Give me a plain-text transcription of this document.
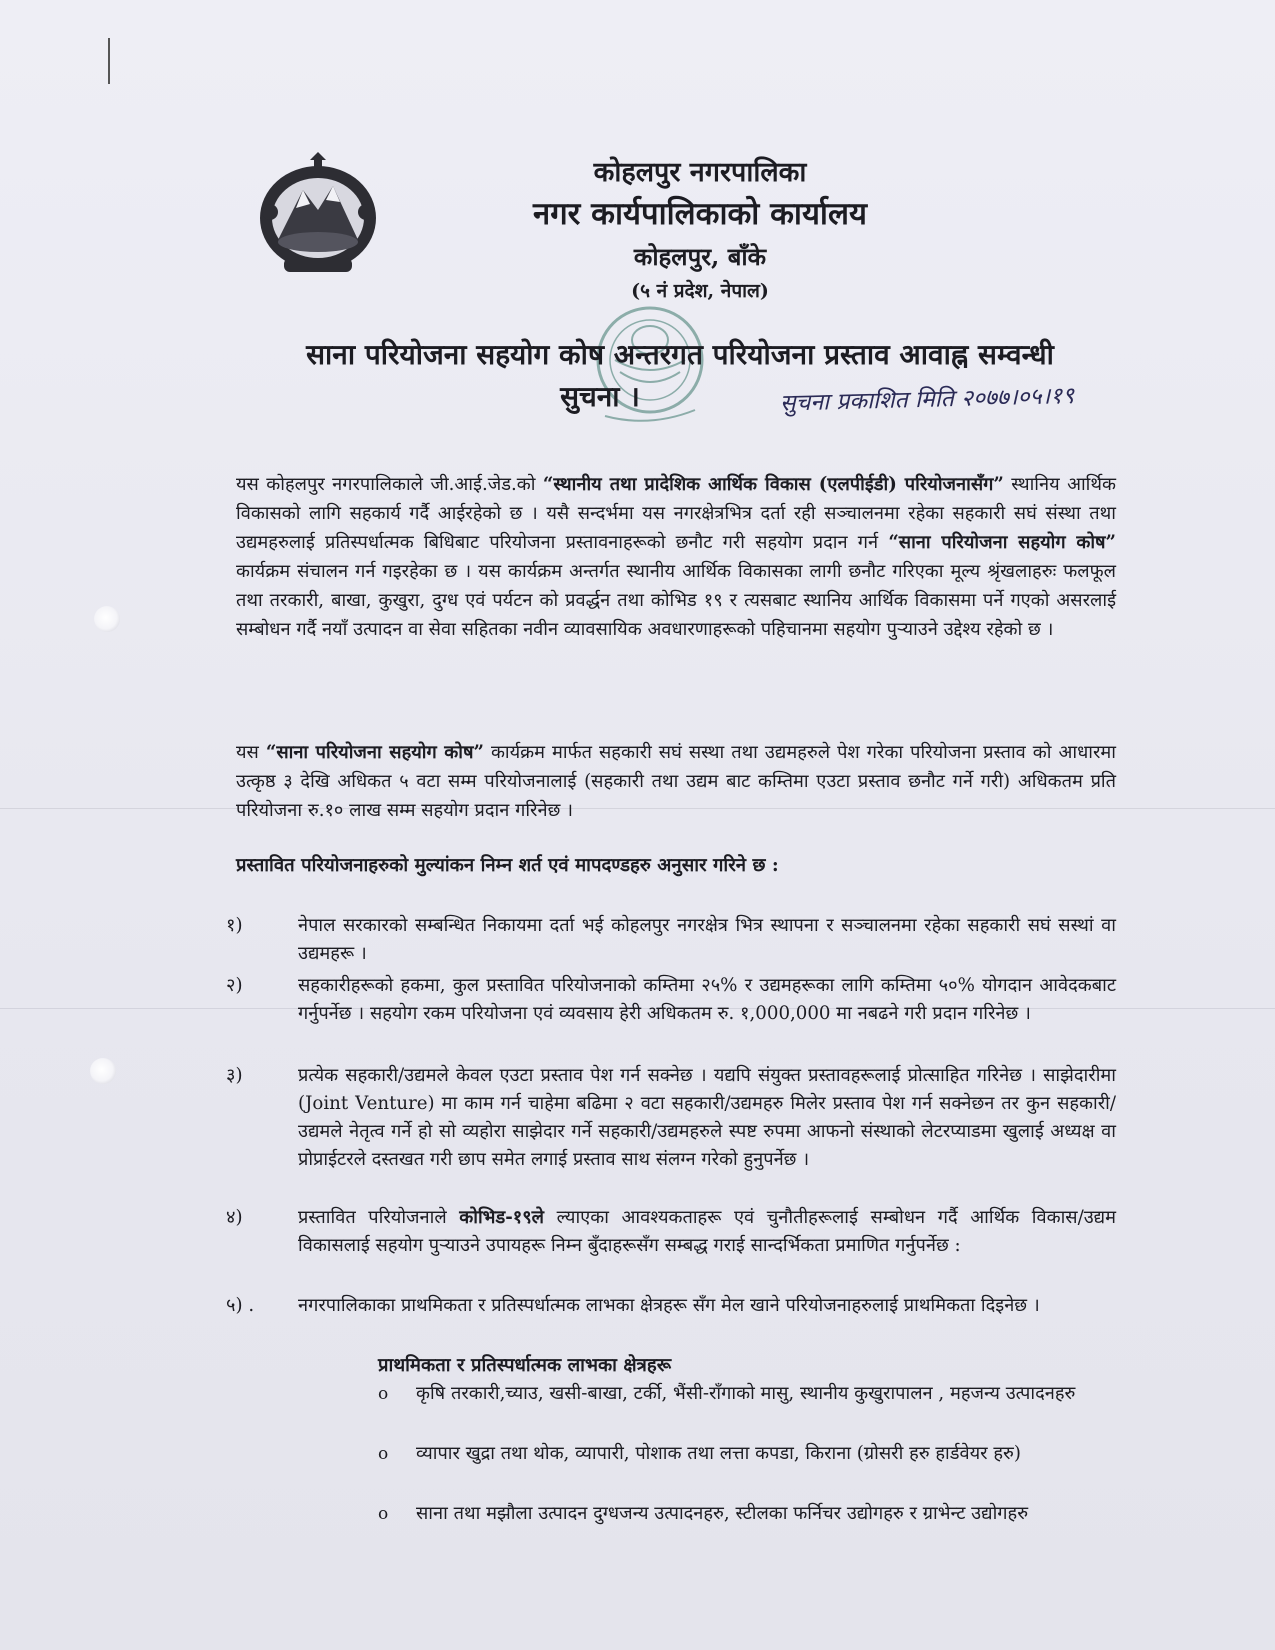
कोहलपुर नगरपालिका
नगर कार्यपालिकाको कार्यालय
कोहलपुर, बाँके
(५ नं प्रदेश, नेपाल)
साना परियोजना सहयोग कोष अन्तरगत परियोजना प्रस्ताव आवाह्न सम्वन्धी
सुचना ।	सुचना प्रकाशित मिति २०७७।०५।१९
यस कोहलपुर नगरपालिकाले जी.आई.जेड.को “स्थानीय तथा प्रादेशिक आर्थिक विकास (एलपीईडी) परियोजनासँग” स्थानिय आर्थिक विकासको लागि सहकार्य गर्दै आईरहेको छ । यसै सन्दर्भमा यस नगरक्षेत्रभित्र दर्ता रही सञ्चालनमा रहेका सहकारी सघं संस्था तथा उद्यमहरुलाई प्रतिस्पर्धात्मक बिधिबाट परियोजना प्रस्तावनाहरूको छनौट गरी सहयोग प्रदान गर्न “साना परियोजना सहयोग कोष” कार्यक्रम संचालन गर्न गइरहेका छ । यस कार्यक्रम अन्तर्गत स्थानीय आर्थिक विकासका लागी छनौट गरिएका मूल्य श्रृंखलाहरुः फलफूल तथा तरकारी, बाखा, कुखुरा, दुग्ध एवं पर्यटन को प्रवर्द्धन तथा कोभिड १९ र त्यसबाट स्थानिय आर्थिक विकासमा पर्ने गएको असरलाई सम्बोधन गर्दै नयाँ उत्पादन वा सेवा सहितका नवीन व्यावसायिक अवधारणाहरूको पहिचानमा सहयोग पुऱ्याउने उद्देश्य रहेको छ ।
यस “साना परियोजना सहयोग कोष” कार्यक्रम मार्फत सहकारी सघं सस्था तथा उद्यमहरुले पेश गरेका परियोजना प्रस्ताव को आधारमा उत्कृष्ठ ३ देखि अधिकत ५ वटा सम्म परियोजनालाई (सहकारी तथा उद्यम बाट कम्तिमा एउटा प्रस्ताव छनौट गर्ने गरी) अधिकतम प्रति परियोजना रु.१० लाख सम्म सहयोग प्रदान गरिनेछ ।
प्रस्तावित परियोजनाहरुको मुल्यांकन निम्न शर्त एवं मापदण्डहरु अनुसार गरिने छ :
१)	नेपाल सरकारको सम्बन्धित निकायमा दर्ता भई कोहलपुर नगरक्षेत्र भित्र स्थापना र सञ्चालनमा रहेका सहकारी सघं सस्थां वा उद्यमहरू ।
२)	सहकारीहरूको हकमा, कुल प्रस्तावित परियोजनाको कम्तिमा २५% र उद्यमहरूका लागि कम्तिमा ५०% योगदान आवेदकबाट गर्नुपर्नेछ । सहयोग रकम परियोजना एवं व्यवसाय हेरी अधिकतम रु. १,000,000 मा नबढने गरी प्रदान गरिनेछ ।
३)	प्रत्येक सहकारी/उद्यमले केवल एउटा प्रस्ताव पेश गर्न सक्नेछ । यद्यपि संयुक्त प्रस्तावहरूलाई प्रोत्साहित गरिनेछ । साझेदारीमा (Joint Venture) मा काम गर्न चाहेमा बढिमा २ वटा सहकारी/उद्यमहरु मिलेर प्रस्ताव पेश गर्न सक्नेछन तर कुन सहकारी/उद्यमले नेतृत्व गर्ने हो सो व्यहोरा साझेदार गर्ने सहकारी/उद्यमहरुले स्पष्ट रुपमा आफनो संस्थाको लेटरप्याडमा खुलाई अध्यक्ष वा प्रोप्राईटरले दस्तखत गरी छाप समेत लगाई प्रस्ताव साथ संलग्न गरेको हुनुपर्नेछ ।
४)	प्रस्तावित परियोजनाले कोभिड-१९ले ल्याएका आवश्यकताहरू एवं चुनौतीहरूलाई सम्बोधन गर्दै आर्थिक विकास/उद्यम विकासलाई सहयोग पुऱ्याउने उपायहरू निम्न बुँदाहरूसँग सम्बद्ध गराई सान्दर्भिकता प्रमाणित गर्नुपर्नेछ :
५) .	नगरपालिकाका प्राथमिकता र प्रतिस्पर्धात्मक लाभका क्षेत्रहरू सँग मेल खाने परियोजनाहरुलाई प्राथमिकता दिइनेछ ।
प्राथमिकता र प्रतिस्पर्धात्मक लाभका क्षेत्रहरू
o कृषि तरकारी,च्याउ, खसी-बाखा, टर्की, भैंसी-राँगाको मासु, स्थानीय कुखुरापालन , महजन्य उत्पादनहरु
o व्यापार खुद्रा तथा थोक, व्यापारी, पोशाक तथा लत्ता कपडा, किराना (ग्रोसरी हरु हार्डवेयर हरु)
o साना तथा मझौला उत्पादन दुग्धजन्य उत्पादनहरु, स्टीलका फर्निचर उद्योगहरु र ग्राभेन्ट उद्योगहरु
